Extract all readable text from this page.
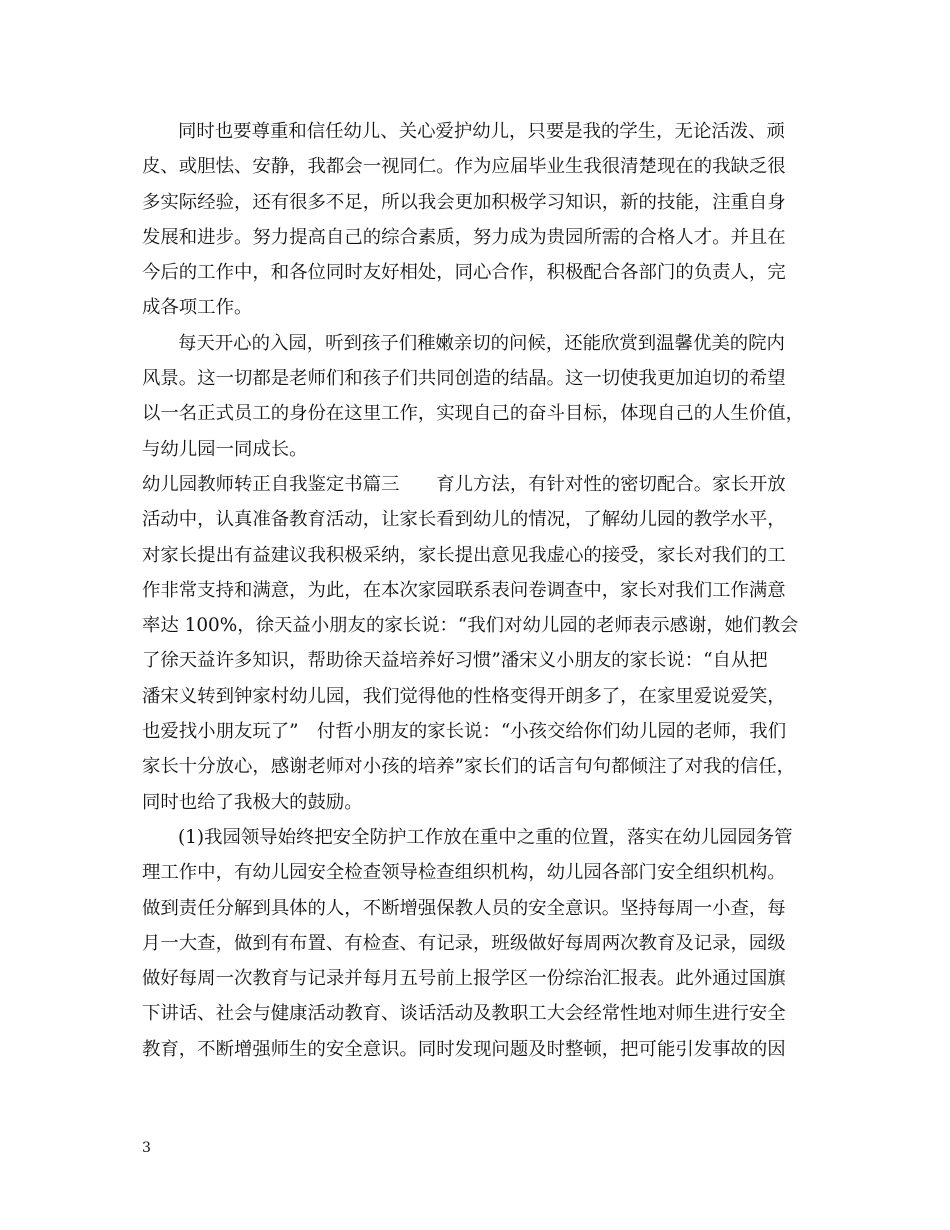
同时也要尊重和信任幼儿、关心爱护幼儿，只要是我的学生，无论活泼、顽
皮、或胆怯、安静，我都会一视同仁。作为应届毕业生我很清楚现在的我缺乏很
多实际经验，还有很多不足，所以我会更加积极学习知识，新的技能，注重自身
发展和进步。努力提高自己的综合素质，努力成为贵园所需的合格人才。并且在
今后的工作中，和各位同时友好相处，同心合作，积极配合各部门的负责人，完
成各项工作。
每天开心的入园，听到孩子们稚嫩亲切的问候，还能欣赏到温馨优美的院内
风景。这一切都是老师们和孩子们共同创造的结晶。这一切使我更加迫切的希望
以一名正式员工的身份在这里工作，实现自己的奋斗目标，体现自己的人生价值，
与幼儿园一同成长。
幼儿园教师转正自我鉴定书篇三　　育儿方法，有针对性的密切配合。家长开放
活动中，认真准备教育活动，让家长看到幼儿的情况，了解幼儿园的教学水平，
对家长提出有益建议我积极采纳，家长提出意见我虚心的接受，家长对我们的工
作非常支持和满意，为此，在本次家园联系表问卷调查中，家长对我们工作满意
率达 100%，徐天益小朋友的家长说：“我们对幼儿园的老师表示感谢，她们教会
了徐天益许多知识，帮助徐天益培养好习惯”潘宋义小朋友的家长说：“自从把
潘宋义转到钟家村幼儿园，我们觉得他的性格变得开朗多了，在家里爱说爱笑，
也爱找小朋友玩了”　付哲小朋友的家长说：“小孩交给你们幼儿园的老师，我们
家长十分放心，感谢老师对小孩的培养”家长们的话言句句都倾注了对我的信任，
同时也给了我极大的鼓励。
(1)我园领导始终把安全防护工作放在重中之重的位置，落实在幼儿园园务管
理工作中，有幼儿园安全检查领导检查组织机构，幼儿园各部门安全组织机构。
做到责任分解到具体的人，不断增强保教人员的安全意识。坚持每周一小查，每
月一大查，做到有布置、有检查、有记录，班级做好每周两次教育及记录，园级
做好每周一次教育与记录并每月五号前上报学区一份综治汇报表。此外通过国旗
下讲话、社会与健康活动教育、谈话活动及教职工大会经常性地对师生进行安全
教育，不断增强师生的安全意识。同时发现问题及时整顿，把可能引发事故的因
3
